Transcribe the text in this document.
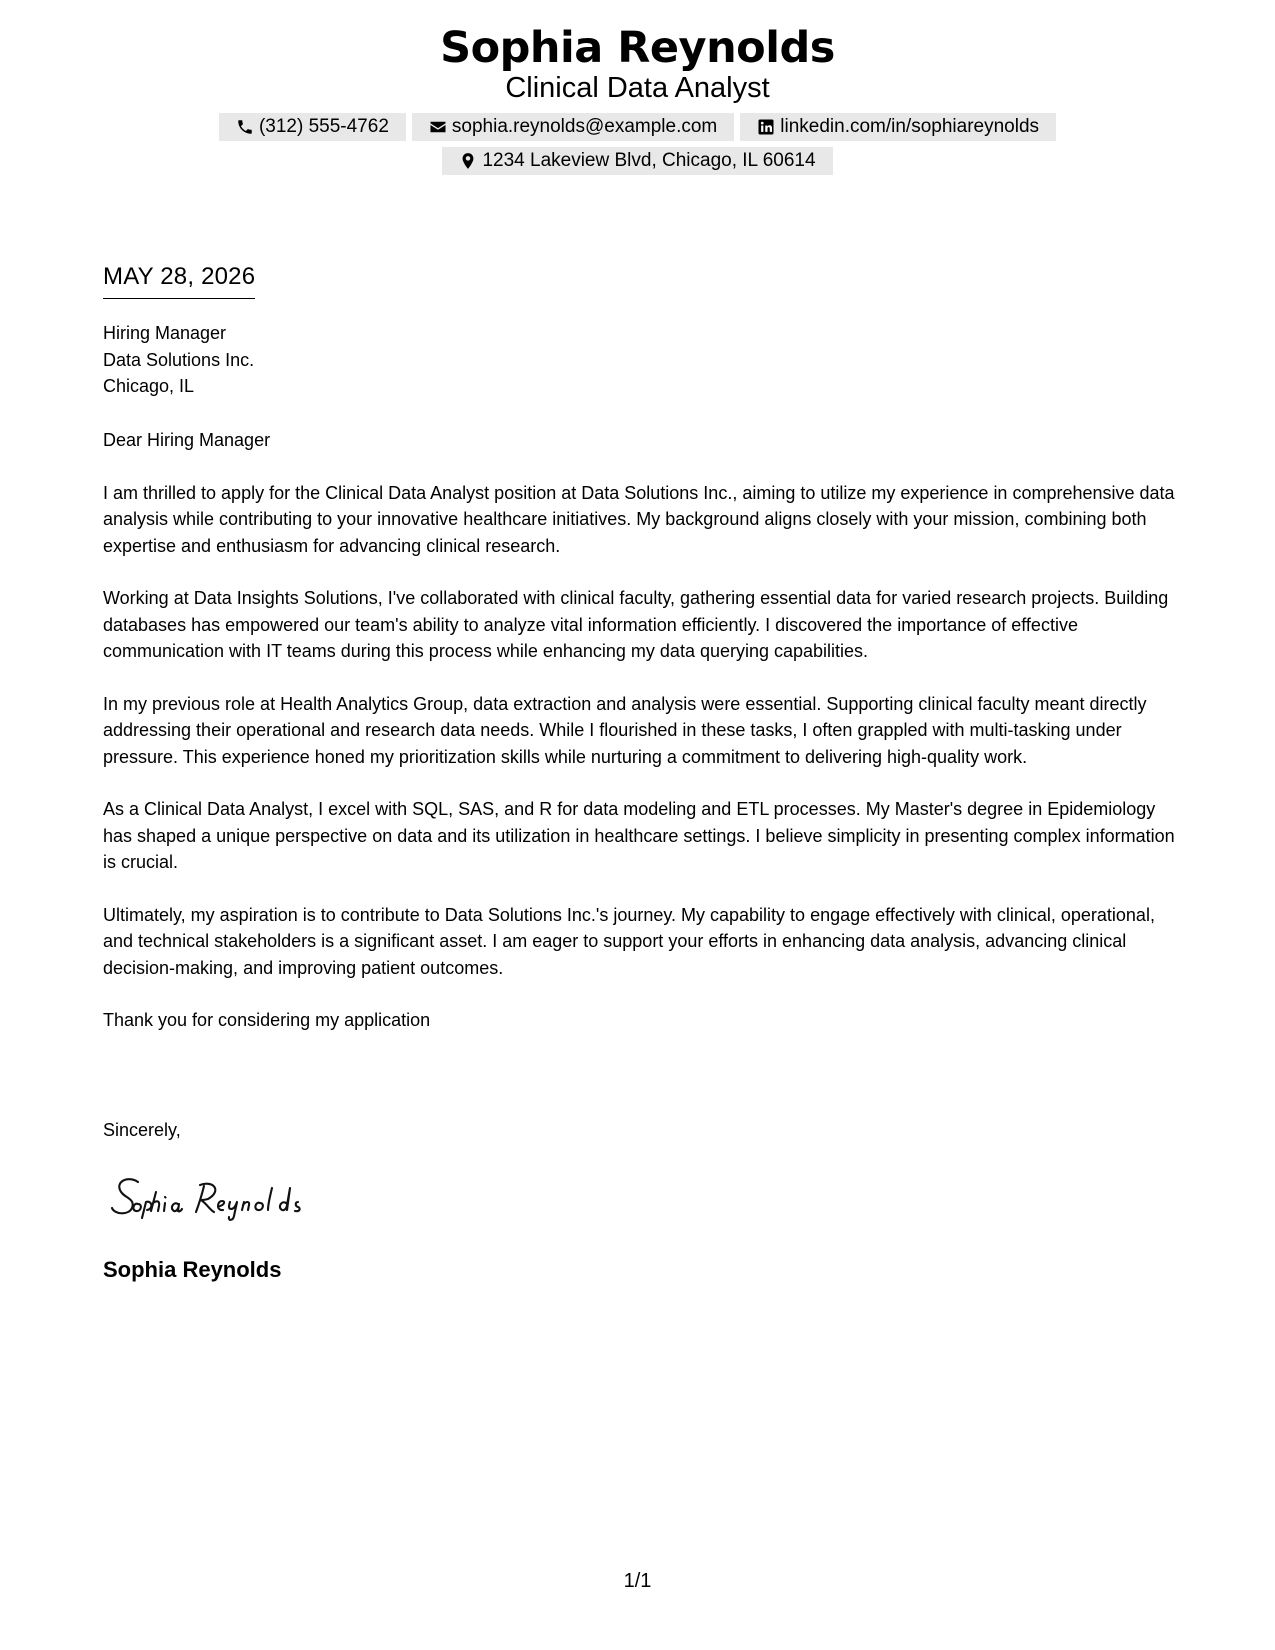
Sophia Reynolds
Clinical Data Analyst
(312) 555-4762	sophia.reynolds@example.com	linkedin.com/in/sophiareynolds
1234 Lakeview Blvd, Chicago, IL 60614
MAY 28, 2026
Hiring Manager
Data Solutions Inc.
Chicago, IL

Dear Hiring Manager

I am thrilled to apply for the Clinical Data Analyst position at Data Solutions Inc., aiming to utilize my experience in comprehensive data analysis while contributing to your innovative healthcare initiatives. My background aligns closely with your mission, combining both expertise and enthusiasm for advancing clinical research.

Working at Data Insights Solutions, I've collaborated with clinical faculty, gathering essential data for varied research projects. Building databases has empowered our team's ability to analyze vital information efficiently. I discovered the importance of effective communication with IT teams during this process while enhancing my data querying capabilities.

In my previous role at Health Analytics Group, data extraction and analysis were essential. Supporting clinical faculty meant directly addressing their operational and research data needs. While I flourished in these tasks, I often grappled with multi-tasking under pressure. This experience honed my prioritization skills while nurturing a commitment to delivering high-quality work.

As a Clinical Data Analyst, I excel with SQL, SAS, and R for data modeling and ETL processes. My Master's degree in Epidemiology has shaped a unique perspective on data and its utilization in healthcare settings. I believe simplicity in presenting complex information is crucial.

Ultimately, my aspiration is to contribute to Data Solutions Inc.'s journey. My capability to engage effectively with clinical, operational, and technical stakeholders is a significant asset. I am eager to support your efforts in enhancing data analysis, advancing clinical decision-making, and improving patient outcomes.

Thank you for considering my application

Sincerely,
Sophia Reynolds
1/1
